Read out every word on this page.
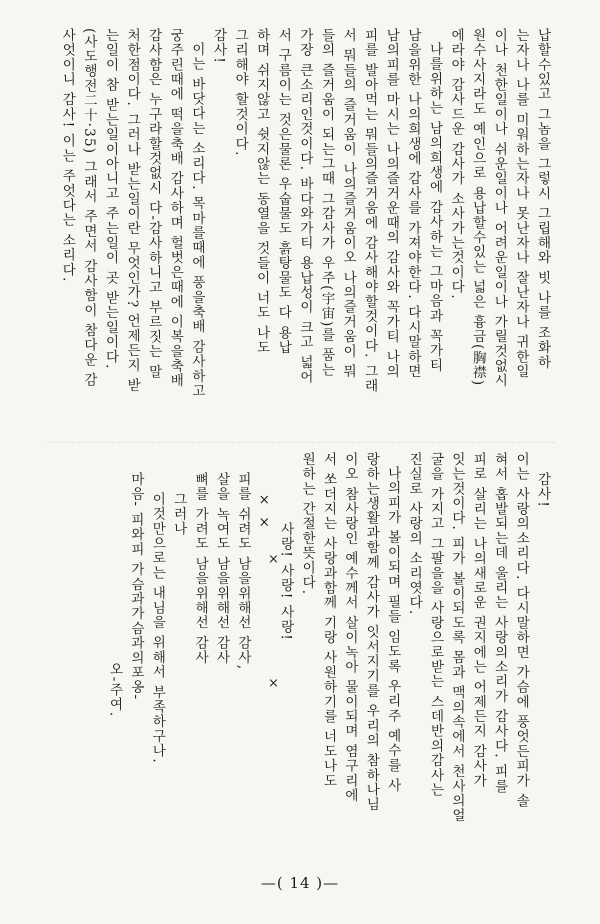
납할수있고 그놈을 그렇시 그립해와 빗 나를 조화하
는자나 나를 미워하는자나 못난자나 잘난자나 귀한일
이나 천한일이나 쉬운일이나 어려운일이나 가릴것없시
원수사지라도 예인으로 용납할수있는 넓은 흉금(胸襟)
에라야 감사드운 감사가 소사가는것이다.
나를위하는 남의희생에 감사하는 그마음과 꼭가티
남을위한 나의희생에 감사를 가져야한다. 다시말하면
남의피를 마시는 나의즐거운때의 감사와 꼭가티 나의
피를 발아먹는 뭐들의즐거움에 감사해야할것이다. 그래
서 뭐들의 즐거움이 나의즐거움이오 나의즐거움이 뭐
들의 즐거움이 되는그때 그감사가 우주(宇宙)를 품는
가장 큰소리인것이다. 바다와가티 용납성이 크고 넓어
서 구름이는 것은물론 우숩물도 흙탕물도 다 용납
하며 쉬지않고 쉿지않는 동열을 것들이 너도 나도
그리해야 할것이다.
감사!
이는 바닷다는 소리다. 목마를때에 풍을축배 감사하고
궁주린때에 떡을축배 감사하며 헐벗은때에 이복을축배
감사함은 누구라할것없시 다-감사하니고 부르짓는 말
처한점이다. 그러나 받는일이란 무엇인가? 언제든지 받
는일이 참 받는일이아니고 주는일이 곳 받는일이다.
(사도행전二十·35) 그래서 주면서 감사함이 참다운 감
사엇이니 감사! 이는 주엇다는 소리다.
감사!
이는 사랑의소리다. 다시말하면 가슴에 풍엇든피가 솔
혀서 홉발되는데 울리는 사랑의소리가 감사다. 피를
피로 살리는 나의새로운 권지에는 어제든지 감사가
잇는것이다. 피가 볼이되도록 몸과 맥의속에서 천사의얼
굴을 가지고 그팔을을 사랑으로받는 스데반의감사는
진실로 사랑의 소리엿다.
나의피가 볼이되며 필들 임도록 우리주 예수를 사
랑하는생활과함께 감사가 잇서지기를 우리의 참하나님
이오 참사랑인 예수께서 살이녹아 물이되며 염구리에
서 쏘더지는 사랑과함께 기랑 사원하기를 너도나도
원하는 간절한뜻이다.
사랑! 사랑! 사랑!
× ×
피를 쉬려도 남을위해선 감사,
살을 녹여도 남을위해선 감사
뼈를 가려도 남을위해선 감사
그러나
이것만으로는 내님을 위해서 부족하구나.
마음- 피와피 가슴과가슴과의포옹-
오-주여.
×
×
—( 14 )—
